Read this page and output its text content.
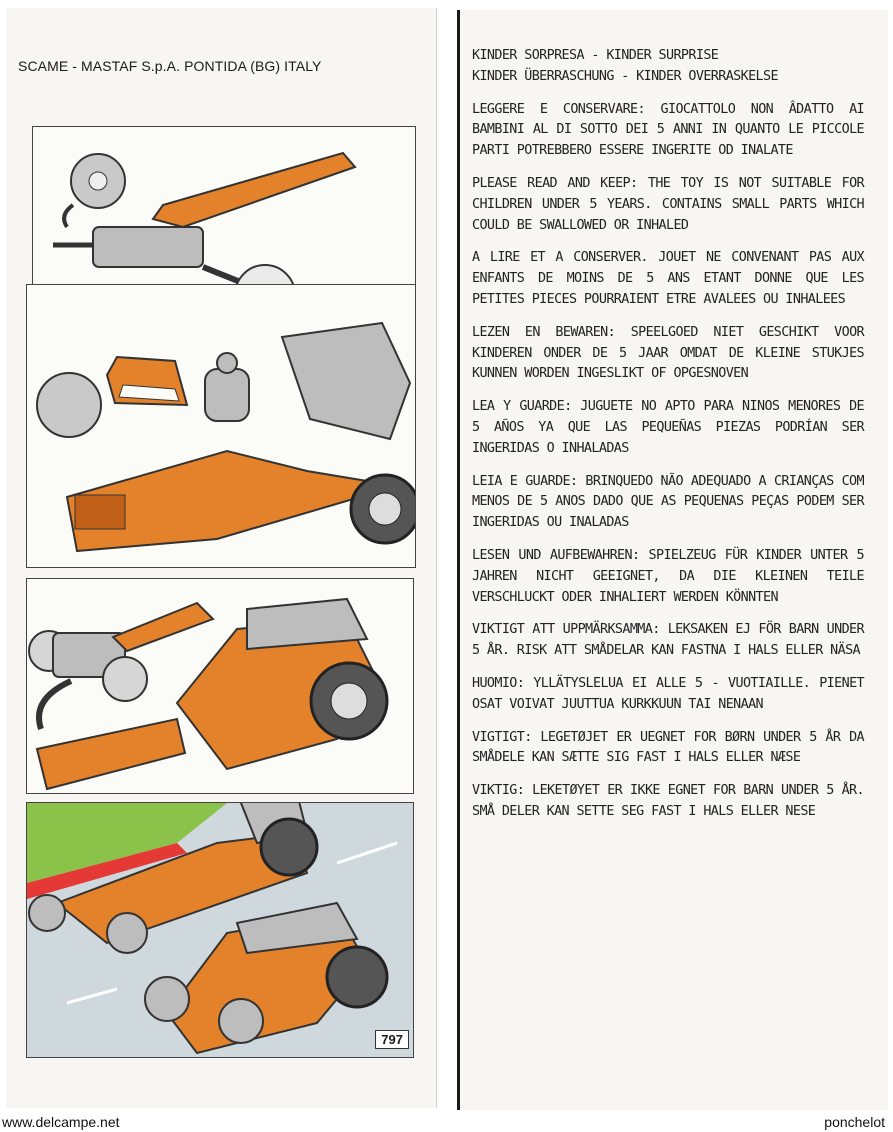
SCAME - MASTAF S.p.A. PONTIDA (BG) ITALY
797
KINDER SORPRESA - KINDER SURPRISE
KINDER ÜBERRASCHUNG - KINDER OVERRASKELSE
LEGGERE E CONSERVARE: GIOCATTOLO NON ÂDATTO AI BAMBINI AL DI SOTTO DEI 5 ANNI IN QUANTO LE PICCOLE PARTI POTREBBERO ESSERE INGERITE OD INALATE
PLEASE READ AND KEEP: THE TOY IS NOT SUITABLE FOR CHILDREN UNDER 5 YEARS. CONTAINS SMALL PARTS WHICH COULD BE SWALLOWED OR INHALED
A LIRE ET A CONSERVER. JOUET NE CONVENANT PAS AUX ENFANTS DE MOINS DE 5 ANS ETANT DONNE QUE LES PETITES PIECES POURRAIENT ETRE AVALEES OU INHALEES
LEZEN EN BEWAREN: SPEELGOED NIET GESCHIKT VOOR KINDEREN ONDER DE 5 JAAR OMDAT DE KLEINE STUKJES KUNNEN WORDEN INGESLIKT OF OPGESNOVEN
LEA Y GUARDE: JUGUETE NO APTO PARA NINOS MENORES DE 5 AÑOS YA QUE LAS PEQUEÑAS PIEZAS PODRÍAN SER INGERIDAS O INHALADAS
LEIA E GUARDE: BRINQUEDO NÃO ADEQUADO A CRIANÇAS COM MENOS DE 5 ANOS DADO QUE AS PEQUENAS PEÇAS PODEM SER INGERIDAS OU INALADAS
LESEN UND AUFBEWAHREN: SPIELZEUG FÜR KINDER UNTER 5 JAHREN NICHT GEEIGNET, DA DIE KLEINEN TEILE VERSCHLUCKT ODER INHALIERT WERDEN KÖNNTEN
VIKTIGT ATT UPPMÄRKSAMMA: LEKSAKEN EJ FÖR BARN UNDER 5 ÅR. RISK ATT SMÅDELAR KAN FASTNA I HALS ELLER NÄSA
HUOMIO: YLLÄTYSLELUA EI ALLE 5 - VUOTIAILLE. PIENET OSAT VOIVAT JUUTTUA KURKKUUN TAI NENAAN
VIGTIGT: LEGETØJET ER UEGNET FOR BØRN UNDER 5 ÅR DA SMÅDELE KAN SÆTTE SIG FAST I HALS ELLER NÆSE
VIKTIG: LEKETØYET ER IKKE EGNET FOR BARN UNDER 5 ÅR. SMÅ DELER KAN SETTE SEG FAST I HALS ELLER NESE
www.delcampe.net	ponchelot
